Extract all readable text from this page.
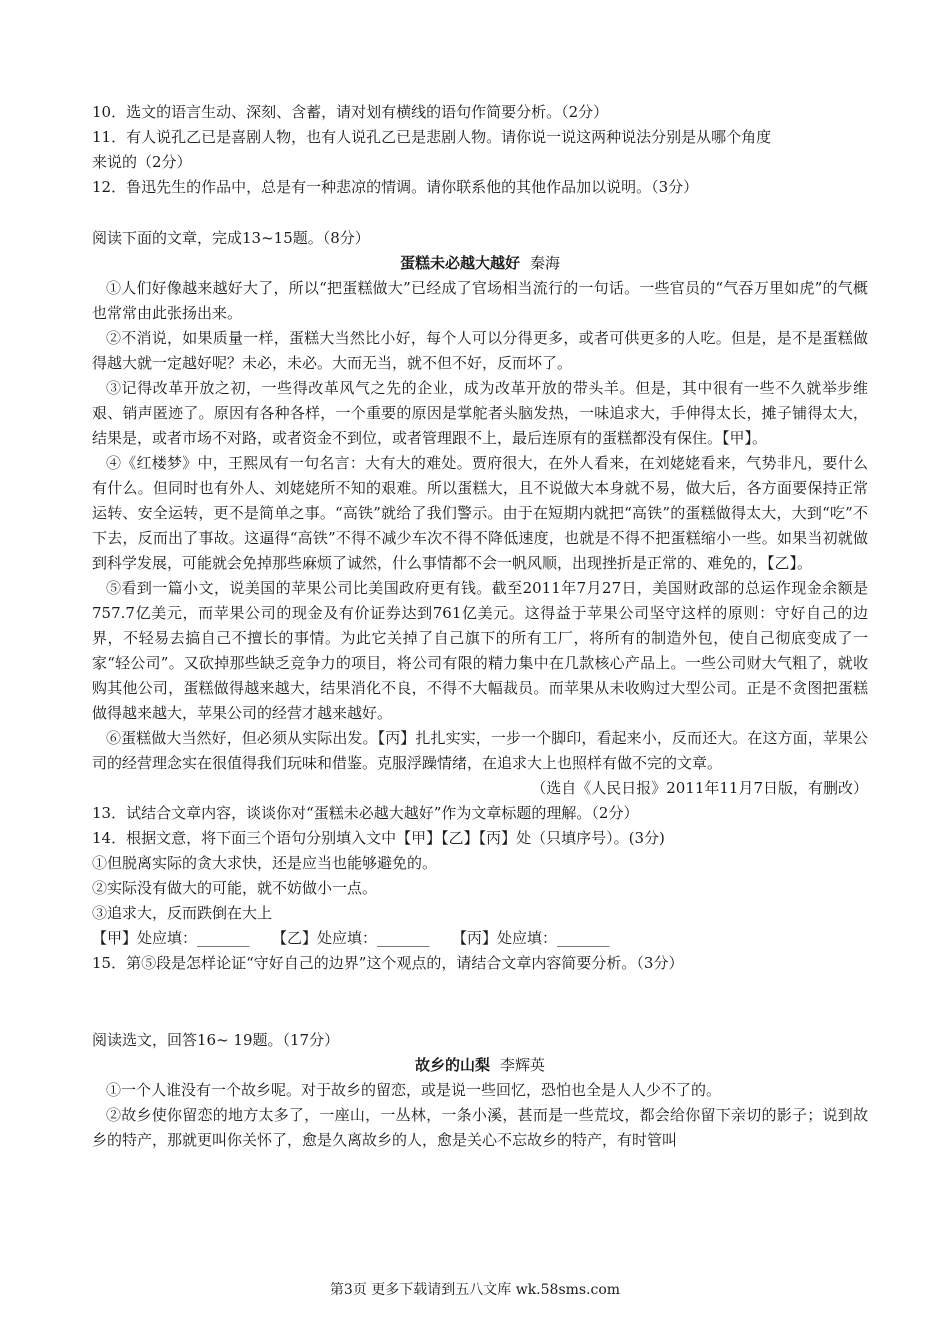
10．选文的语言生动、深刻、含蓄，请对划有横线的语句作简要分析。（2分）
11．有人说孔乙已是喜剧人物，也有人说孔乙已是悲剧人物。请你说一说这两种说法分别是从哪个角度
来说的（2分）
12．鲁迅先生的作品中，总是有一种悲凉的情调。请你联系他的其他作品加以说明。（3分）
阅读下面的文章，完成13~15题。（8分）
蛋糕未必越大越好 秦海
①人们好像越来越好大了，所以“把蛋糕做大”已经成了官场相当流行的一句话。一些官员的“气吞万里如虎”的气概也常常由此张扬出来。
②不消说，如果质量一样，蛋糕大当然比小好，每个人可以分得更多，或者可供更多的人吃。但是，是不是蛋糕做得越大就一定越好呢？未必，未必。大而无当，就不但不好，反而坏了。
③记得改革开放之初，一些得改革风气之先的企业，成为改革开放的带头羊。但是，其中很有一些不久就举步维艰、销声匿迹了。原因有各种各样，一个重要的原因是掌舵者头脑发热，一味追求大，手伸得太长，摊子铺得太大，结果是，或者市场不对路，或者资金不到位，或者管理跟不上，最后连原有的蛋糕都没有保住。【甲】。
④《红楼梦》中，王熙凤有一句名言：大有大的难处。贾府很大，在外人看来，在刘姥姥看来，气势非凡，要什么有什么。但同时也有外人、刘姥姥所不知的艰难。所以蛋糕大，且不说做大本身就不易，做大后，各方面要保持正常运转、安全运转，更不是简单之事。“高铁”就给了我们警示。由于在短期内就把“高铁”的蛋糕做得太大，大到“吃”不下去，反而出了事故。这逼得“高铁”不得不减少车次不得不降低速度，也就是不得不把蛋糕缩小一些。如果当初就做到科学发展，可能就会免掉那些麻烦了诚然，什么事情都不会一帆风顺，出现挫折是正常的、难免的，【乙】。
⑤看到一篇小文，说美国的苹果公司比美国政府更有钱。截至2011年7月27日，美国财政部的总运作现金余额是757.7亿美元，而苹果公司的现金及有价证券达到761亿美元。这得益于苹果公司坚守这样的原则：守好自己的边界，不轻易去搞自己不擅长的事情。为此它关掉了自己旗下的所有工厂，将所有的制造外包，使自己彻底变成了一家“轻公司”。又砍掉那些缺乏竞争力的项目，将公司有限的精力集中在几款核心产品上。一些公司财大气粗了，就收购其他公司，蛋糕做得越来越大，结果消化不良，不得不大幅裁员。而苹果从未收购过大型公司。正是不贪图把蛋糕做得越来越大，苹果公司的经营才越来越好。
⑥蛋糕做大当然好，但必须从实际出发。【丙】扎扎实实，一步一个脚印，看起来小，反而还大。在这方面，苹果公司的经营理念实在很值得我们玩味和借鉴。克服浮躁情绪，在追求大上也照样有做不完的文章。
（选自《人民日报》2011年11月7日版，有删改）
13．试结合文章内容，谈谈你对“蛋糕未必越大越好”作为文章标题的理解。（2分）
14．根据文意，将下面三个语句分别填入文中【甲】【乙】【丙】处（只填序号）。(3分)
①但脱离实际的贪大求快，还是应当也能够避免的。
②实际没有做大的可能，就不妨做小一点。
③追求大，反而跌倒在大上
【甲】处应填：_______　　【乙】处应填：_______　　【丙】处应填：_______
15．第⑤段是怎样论证“守好自己的边界”这个观点的，请结合文章内容简要分析。（3分）
阅读选文，回答16~ 19题。（17分）
故乡的山梨 李辉英
①一个人谁没有一个故乡呢。对于故乡的留恋，或是说一些回忆，恐怕也全是人人少不了的。
②故乡使你留恋的地方太多了，一座山，一丛林，一条小溪，甚而是一些荒坟，都会给你留下亲切的影子；说到故乡的特产，那就更叫你关怀了，愈是久离故乡的人，愈是关心不忘故乡的特产，有时管叫
第3页 更多下载请到五八文库 wk.58sms.com
